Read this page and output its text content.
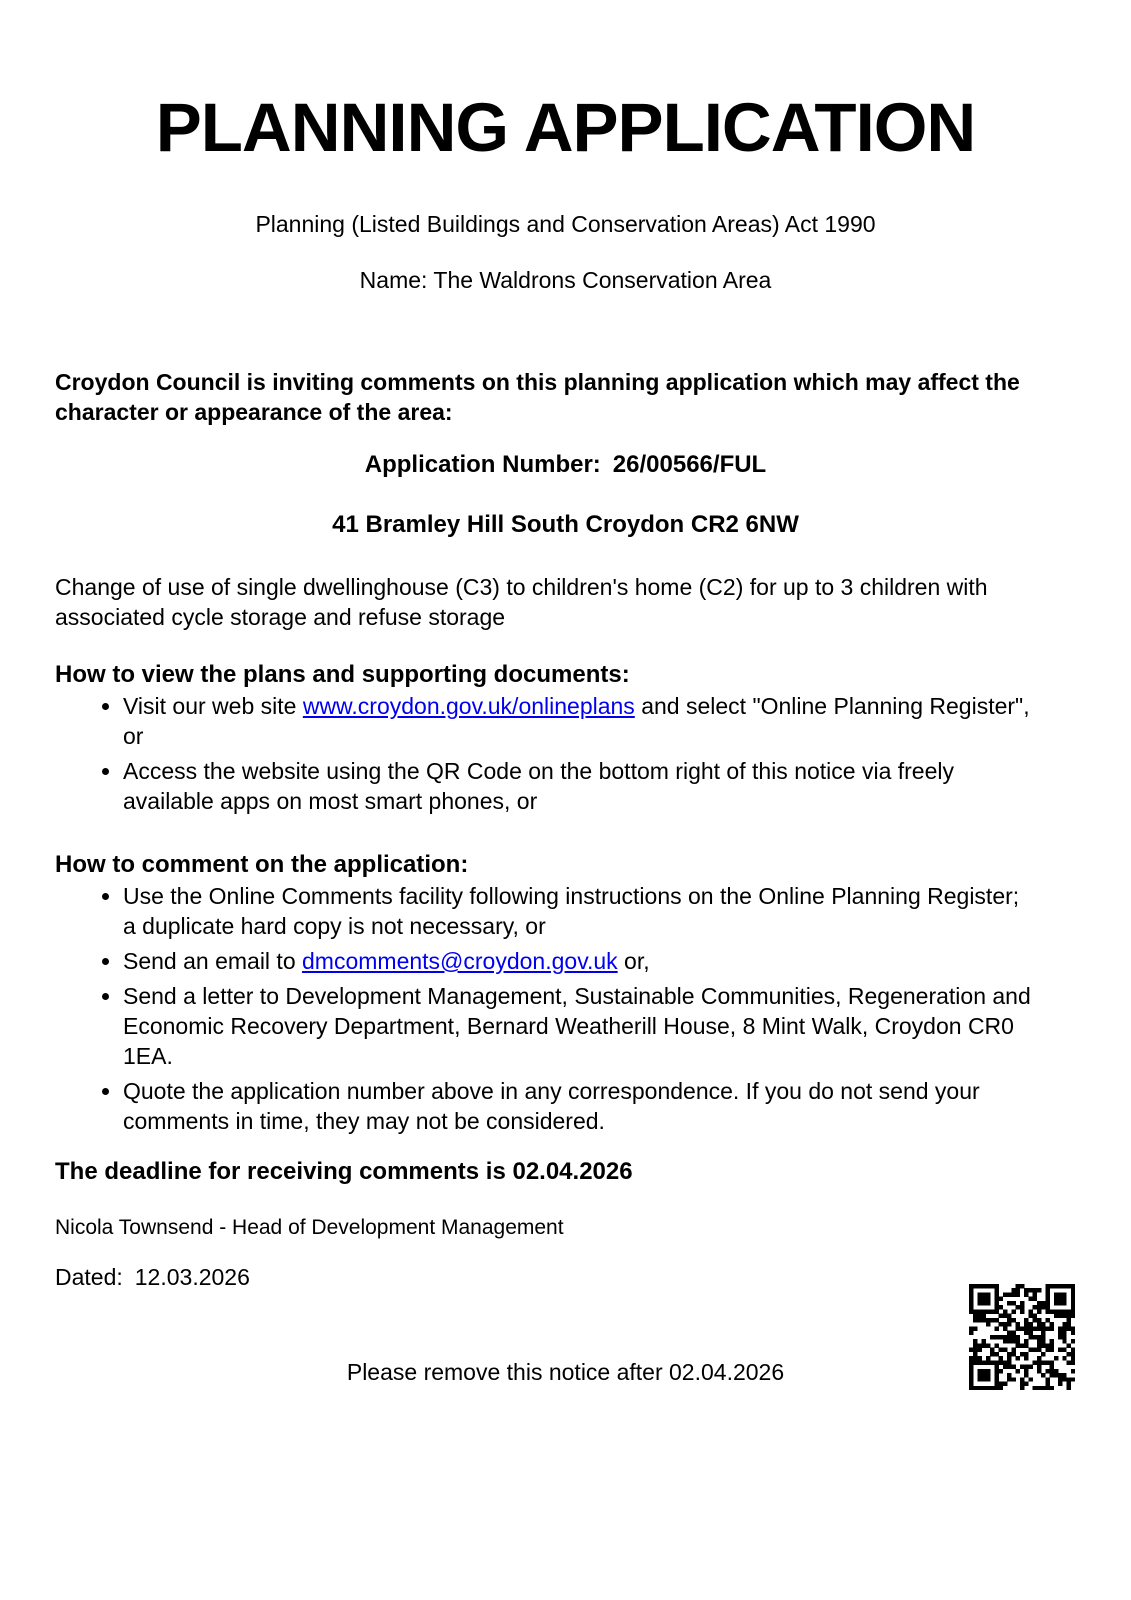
PLANNING APPLICATION

Planning (Listed Buildings and Conservation Areas) Act 1990

Name: The Waldrons Conservation Area

Croydon Council is inviting comments on this planning application which may affect the character or appearance of the area:

Application Number: 26/00566/FUL

41 Bramley Hill South Croydon CR2 6NW

Change of use of single dwellinghouse (C3) to children's home (C2) for up to 3 children with associated cycle storage and refuse storage

How to view the plans and supporting documents:
• Visit our web site www.croydon.gov.uk/onlineplans and select "Online Planning Register", or
• Access the website using the QR Code on the bottom right of this notice via freely available apps on most smart phones, or
How to comment on the application:
• Use the Online Comments facility following instructions on the Online Planning Register; a duplicate hard copy is not necessary, or
• Send an email to dmcomments@croydon.gov.uk or,
• Send a letter to Development Management, Sustainable Communities, Regeneration and Economic Recovery Department, Bernard Weatherill House, 8 Mint Walk, Croydon CR0 1EA.
• Quote the application number above in any correspondence. If you do not send your comments in time, they may not be considered.

The deadline for receiving comments is 02.04.2026

Nicola Townsend - Head of Development Management

Dated: 12.03.2026

Please remove this notice after 02.04.2026
